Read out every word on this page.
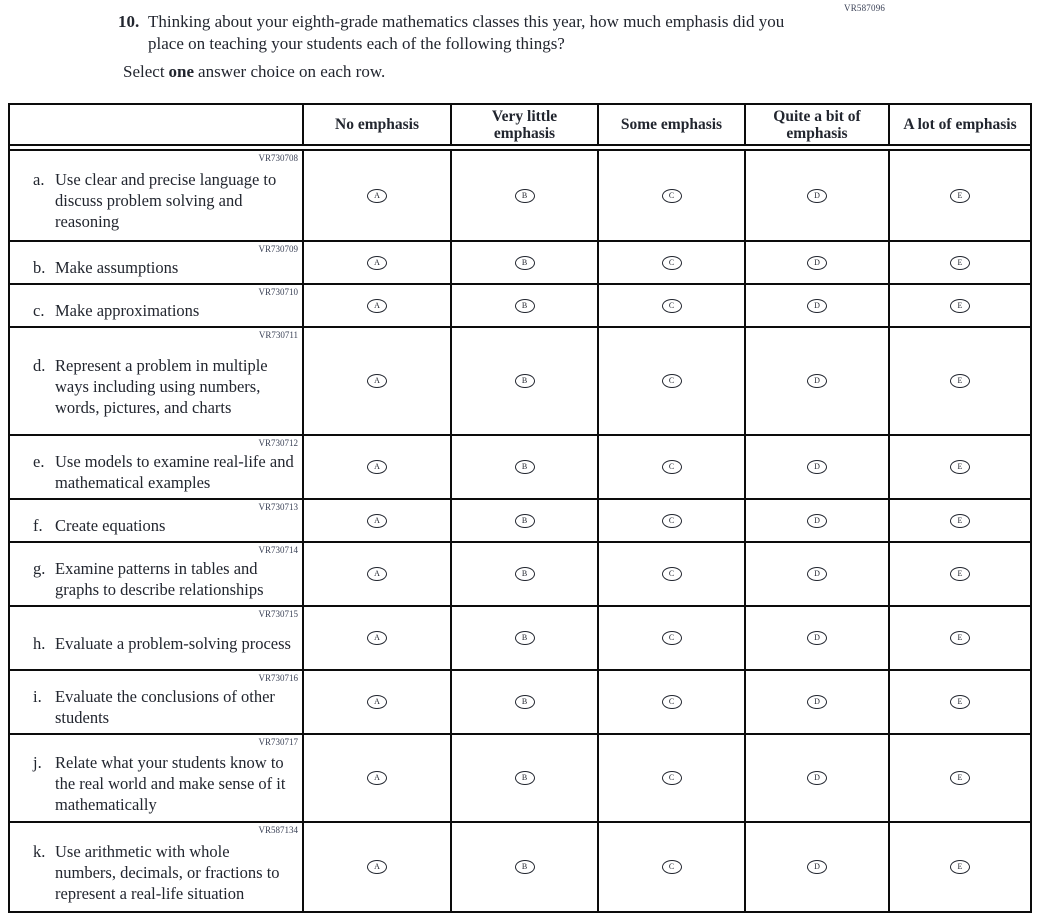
VR587096
10. Thinking about your eighth-grade mathematics classes this year, how much emphasis did you place on teaching your students each of the following things?
Select one answer choice on each row.
No emphasis	Very little emphasis	Some emphasis	Quite a bit of emphasis	A lot of emphasis
VR730708
a. Use clear and precise language to discuss problem solving and reasoning
A	B	C	D	E
VR730709
b. Make assumptions	A	B	C	D	E
VR730710
c. Make approximations	A	B	C	D	E
VR730711
d. Represent a problem in multiple ways including using numbers, words, pictures, and charts
A	B	C	D	E
VR730712
e. Use models to examine real-life and mathematical examples
A	B	C	D	E
VR730713
f. Create equations	A	B	C	D	E
VR730714
g. Examine patterns in tables and graphs to describe relationships
A	B	C	D	E
VR730715
h. Evaluate a problem-solving process	A	B	C	D	E
VR730716
i. Evaluate the conclusions of other students
A	B	C	D	E
VR730717
j. Relate what your students know to the real world and make sense of it mathematically
A	B	C	D	E
VR587134
k. Use arithmetic with whole numbers, decimals, or fractions to represent a real-life situation
A	B	C	D	E
